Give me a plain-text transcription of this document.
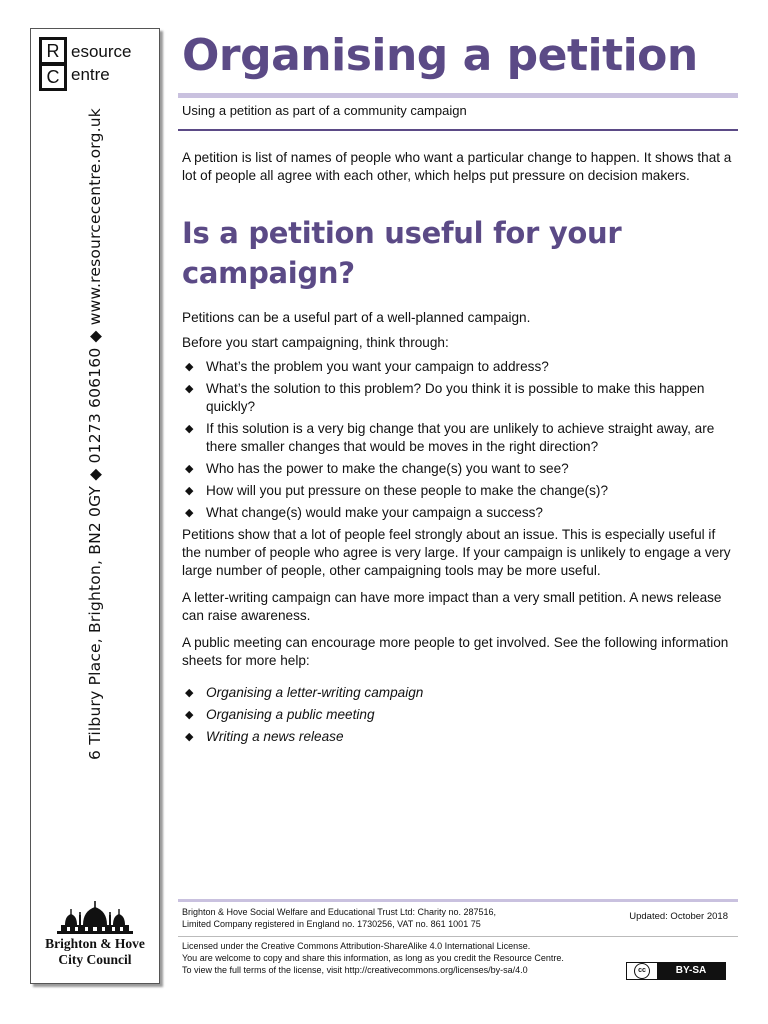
R esource
C entre
6 Tilbury Place, Brighton, BN2 0GY ◆ 01273 606160 ◆ www.resourcecentre.org.uk
Brighton & Hove
City Council
Organising a petition
Using a petition as part of a community campaign

A petition is list of names of people who want a particular change to happen. It shows that a lot of people all agree with each other, which helps put pressure on decision makers.

Is a petition useful for your campaign?

Petitions can be a useful part of a well-planned campaign.

Before you start campaigning, think through:

◆ What’s the problem you want your campaign to address?
◆ What’s the solution to this problem? Do you think it is possible to make this happen quickly?
◆ If this solution is a very big change that you are unlikely to achieve straight away, are there smaller changes that would be moves in the right direction?
◆ Who has the power to make the change(s) you want to see?
◆ How will you put pressure on these people to make the change(s)?
◆ What change(s) would make your campaign a success?

Petitions show that a lot of people feel strongly about an issue. This is especially useful if the number of people who agree is very large. If your campaign is unlikely to engage a very large number of people, other campaigning tools may be more useful.

A letter-writing campaign can have more impact than a very small petition. A news release can raise awareness.

A public meeting can encourage more people to get involved. See the following information sheets for more help:

◆ Organising a letter-writing campaign
◆ Organising a public meeting
◆ Writing a news release
Brighton & Hove Social Welfare and Educational Trust Ltd: Charity no. 287516,
Limited Company registered in England no. 1730256, VAT no. 861 1001 75
Updated: October 2018
Licensed under the Creative Commons Attribution-ShareAlike 4.0 International License.
You are welcome to copy and share this information, as long as you credit the Resource Centre.
To view the full terms of the license, visit http://creativecommons.org/licenses/by-sa/4.0	cc	BY-SA
